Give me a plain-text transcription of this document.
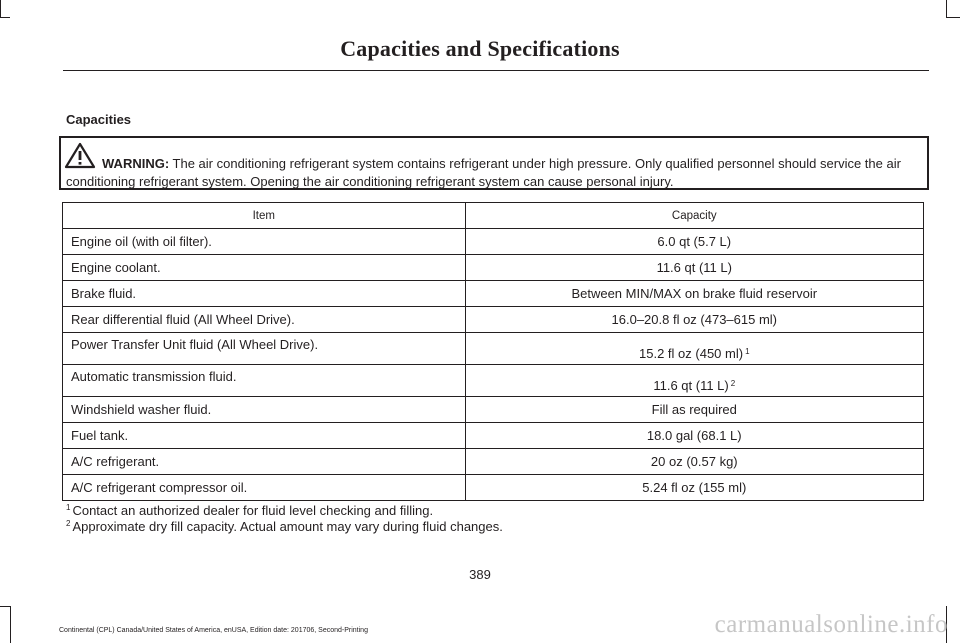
Capacities and Specifications
Capacities
WARNING: The air conditioning refrigerant system contains refrigerant under high pressure. Only qualified personnel should service the air conditioning refrigerant system. Opening the air conditioning refrigerant system can cause personal injury.
Item	Capacity
Engine oil (with oil filter).	6.0 qt (5.7 L)
Engine coolant.	11.6 qt (11 L)
Brake fluid.	Between MIN/MAX on brake fluid reservoir
Rear differential fluid (All Wheel Drive).	16.0–20.8 fl oz (473–615 ml)
Power Transfer Unit fluid (All Wheel Drive).	15.2 fl oz (450 ml) $^1$
Automatic transmission fluid.	11.6 qt (11 L) $^2$
Windshield washer fluid.	Fill as required
Fuel tank.	18.0 gal (68.1 L)
A/C refrigerant.	20 oz (0.57 kg)
A/C refrigerant compressor oil.	5.24 fl oz (155 ml)
$^1$ Contact an authorized dealer for fluid level checking and filling.
$^2$ Approximate dry fill capacity. Actual amount may vary during fluid changes.
389
Continental (CPL) Canada/United States of America, enUSA, Edition date: 201706, Second-Printing	carmanualsonline.info
